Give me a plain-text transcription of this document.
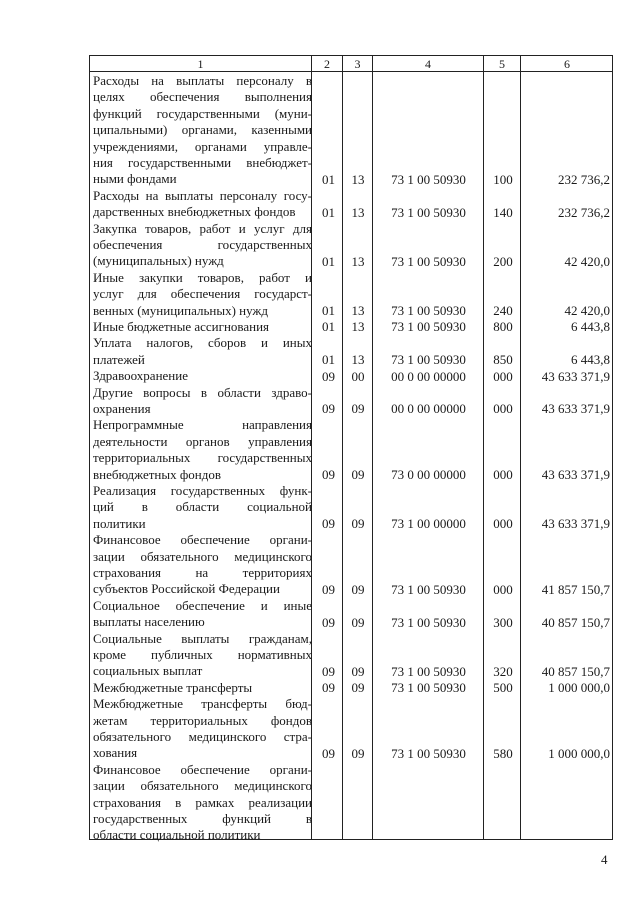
1	2	3	4	5	6
Расходы на выплаты персоналу в
целях обеспечения выполнения
функций государственными (муни-
ципальными) органами, казенными
учреждениями, органами управле-
ния государственными внебюджет-
ными фондами	01	13	73 1 00 50930	100	232 736,2
Расходы на выплаты персоналу госу-
дарственных внебюджетных фондов	01	13	73 1 00 50930	140	232 736,2
Закупка товаров, работ и услуг для
обеспечения государственных
(муниципальных) нужд	01	13	73 1 00 50930	200	42 420,0
Иные закупки товаров, работ и
услуг для обеспечения государст-
венных (муниципальных) нужд	01	13	73 1 00 50930	240	42 420,0
Иные бюджетные ассигнования	01	13	73 1 00 50930	800	6 443,8
Уплата налогов, сборов и иных
платежей	01	13	73 1 00 50930	850	6 443,8
Здравоохранение	09	00	00 0 00 00000	000	43 633 371,9
Другие вопросы в области здраво-
охранения	09	09	00 0 00 00000	000	43 633 371,9
Непрограммные направления
деятельности органов управления
территориальных государственных
внебюджетных фондов	09	09	73 0 00 00000	000	43 633 371,9
Реализация государственных функ-
ций в области социальной
политики	09	09	73 1 00 00000	000	43 633 371,9
Финансовое обеспечение органи-
зации обязательного медицинского
страхования на территориях
субъектов Российской Федерации	09	09	73 1 00 50930	000	41 857 150,7
Социальное обеспечение и иные
выплаты населению	09	09	73 1 00 50930	300	40 857 150,7
Социальные выплаты гражданам,
кроме публичных нормативных
социальных выплат	09	09	73 1 00 50930	320	40 857 150,7
Межбюджетные трансферты	09	09	73 1 00 50930	500	1 000 000,0
Межбюджетные трансферты бюд-
жетам территориальных фондов
обязательного медицинского стра-
хования	09	09	73 1 00 50930	580	1 000 000,0
Финансовое обеспечение органи-
зации обязательного медицинского
страхования в рамках реализации
государственных функций в
области социальной политики
4
